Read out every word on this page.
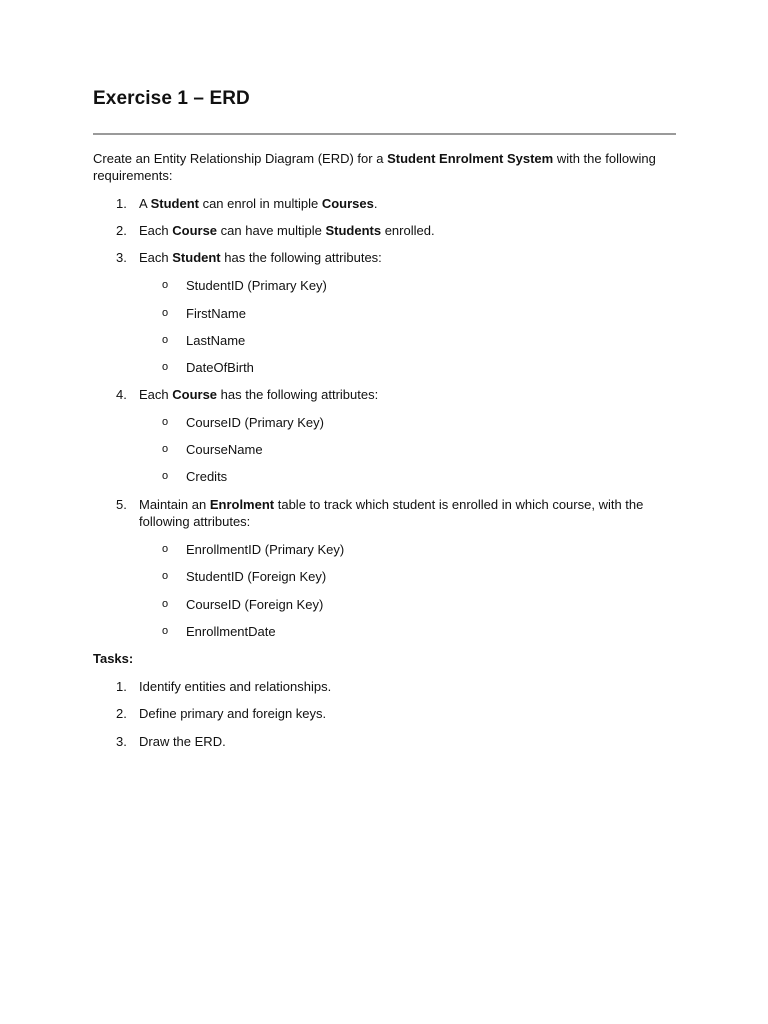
Exercise 1 – ERD

Create an Entity Relationship Diagram (ERD) for a Student Enrolment System with the following requirements:

1. A Student can enrol in multiple Courses.
2. Each Course can have multiple Students enrolled.
3. Each Student has the following attributes:
o StudentID (Primary Key)
o FirstName
o LastName
o DateOfBirth
4. Each Course has the following attributes:
o CourseID (Primary Key)
o CourseName
o Credits
5. Maintain an Enrolment table to track which student is enrolled in which course, with the following attributes:
o EnrollmentID (Primary Key)
o StudentID (Foreign Key)
o CourseID (Foreign Key)
o EnrollmentDate
Tasks:
1. Identify entities and relationships.
2. Define primary and foreign keys.
3. Draw the ERD.
